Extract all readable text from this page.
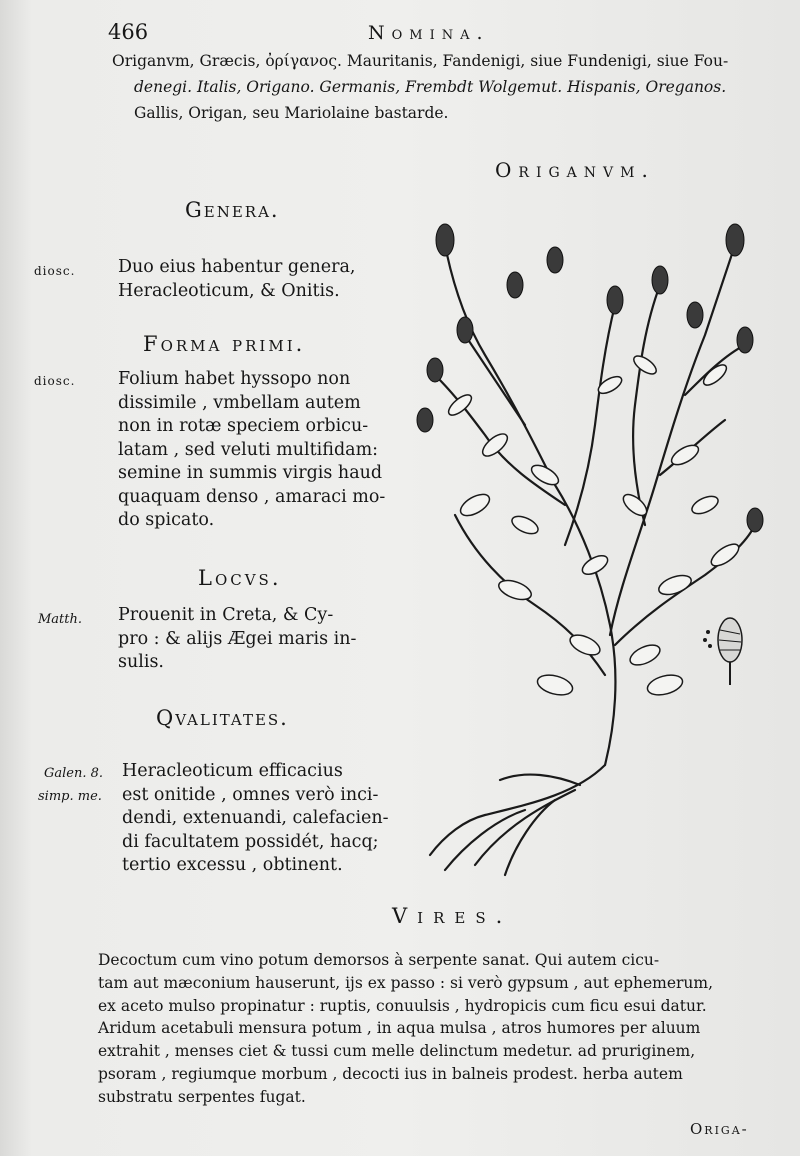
466	Nomina.
Origanvm, Græcis, ὀρίγανος. Mauritanis, Fandenigi, siue Fundenigi, siue Fou-
denegi. Italis, Origano. Germanis, Frembdt Wolgemut. Hispanis, Oreganos.
Gallis, Origan, seu Mariolaine bastarde.
Origanvm.
Genera.
diosc. Duo eius habentur genera,
Heracleoticum, & Onitis.
Forma primi.
diosc. Folium habet hyssopo non
dissimile , vmbellam autem
non in rotæ speciem orbicu-
latam , sed veluti multifidam:
semine in summis virgis haud
quaquam denso , amaraci mo-
do spicato.
Locvs.
Matth. Prouenit in Creta, & Cy-
pro : & alijs Ægei maris in-
sulis.
Qvalitates.
Galen. 8.
simp. me.
Heracleoticum efficacius
est onitide , omnes verò inci-
dendi, extenuandi, calefacien-
di facultatem possidét, hacq;
tertio excessu , obtinent.
Vires.
Decoctum cum vino potum demorsos à serpente sanat. Qui autem cicu-
tam aut mæconium hauserunt, ijs ex passo : si verò gypsum , aut ephemerum,
ex aceto mulso propinatur : ruptis, conuulsis , hydropicis cum ficu esui datur.
Aridum acetabuli mensura potum , in aqua mulsa , atros humores per aluum
extrahit , menses ciet & tussi cum melle delinctum medetur. ad pruriginem,
psoram , regiumque morbum , decocti ius in balneis prodest. herba autem
substratu serpentes fugat.
Origa-
